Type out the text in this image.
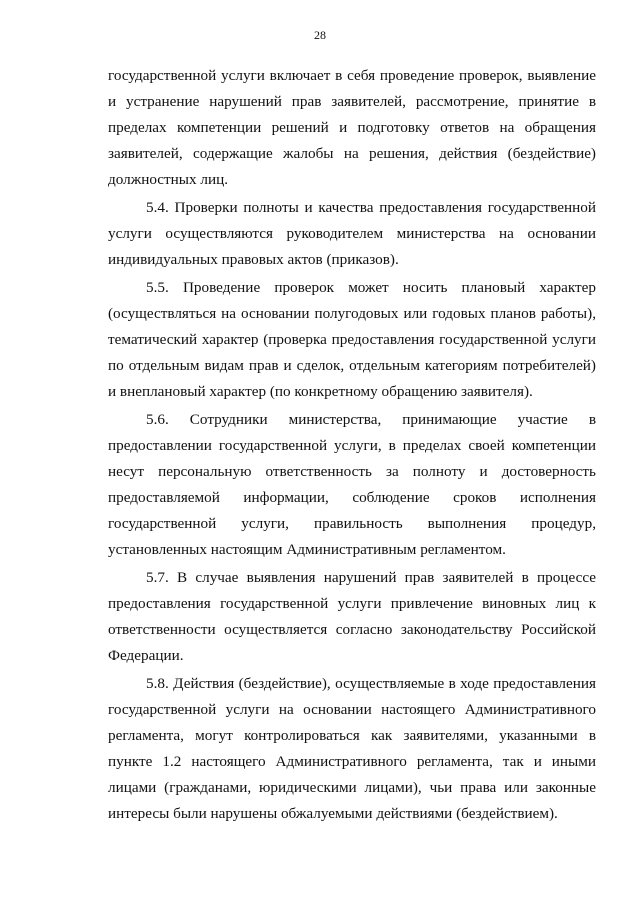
28

государственной услуги включает в себя проведение проверок, выявление и устранение нарушений прав заявителей, рассмотрение, принятие в пределах компетенции решений и подготовку ответов на обращения заявителей, содержащие жалобы на решения, действия (бездействие) должностных лиц.

5.4. Проверки полноты и качества предоставления государственной услуги осуществляются руководителем министерства на основании индивидуальных правовых актов (приказов).

5.5. Проведение проверок может носить плановый характер (осуществляться на основании полугодовых или годовых планов работы), тематический характер (проверка предоставления государственной услуги по отдельным видам прав и сделок, отдельным категориям потребителей) и внеплановый характер (по конкретному обращению заявителя).

5.6. Сотрудники министерства, принимающие участие в предоставлении государственной услуги, в пределах своей компетенции несут персональную ответственность за полноту и достоверность предоставляемой информации, соблюдение сроков исполнения государственной услуги, правильность выполнения процедур, установленных настоящим Административным регламентом.

5.7. В случае выявления нарушений прав заявителей в процессе предоставления государственной услуги привлечение виновных лиц к ответственности осуществляется согласно законодательству Российской Федерации.

5.8. Действия (бездействие), осуществляемые в ходе предоставления государственной услуги на основании настоящего Административного регламента, могут контролироваться как заявителями, указанными в пункте 1.2 настоящего Административного регламента, так и иными лицами (гражданами, юридическими лицами), чьи права или законные интересы были нарушены обжалуемыми действиями (бездействием).
